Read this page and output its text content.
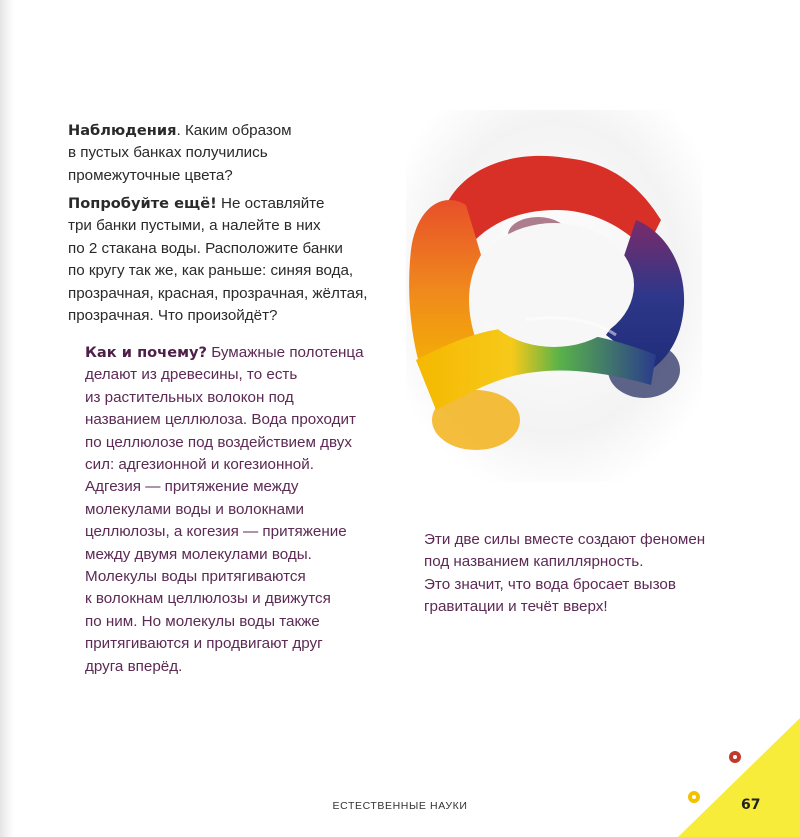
Наблюдения. Каким образом
в пустых банках получились
промежуточные цвета?

Попробуйте ещё! Не оставляйте
три банки пустыми, а налейте в них
по 2 стакана воды. Расположите банки
по кругу так же, как раньше: синяя вода,
прозрачная, красная, прозрачная, жёлтая,
прозрачная. Что произойдёт?

Как и почему? Бумажные полотенца
делают из древесины, то есть
из растительных волокон под
названием целлюлоза. Вода проходит
по целлюлозе под воздействием двух
сил: адгезионной и когезионной.
Адгезия — притяжение между
молекулами воды и волокнами
целлюлозы, а когезия — притяжение
между двумя молекулами воды.
Молекулы воды притягиваются
к волокнам целлюлозы и движутся
по ним. Но молекулы воды также
притягиваются и продвигают друг
друга вперёд.

Эти две силы вместе создают феномен
под названием капиллярность.
Это значит, что вода бросает вызов
гравитации и течёт вверх!

ЕСТЕСТВЕННЫЕ НАУКИ	67
